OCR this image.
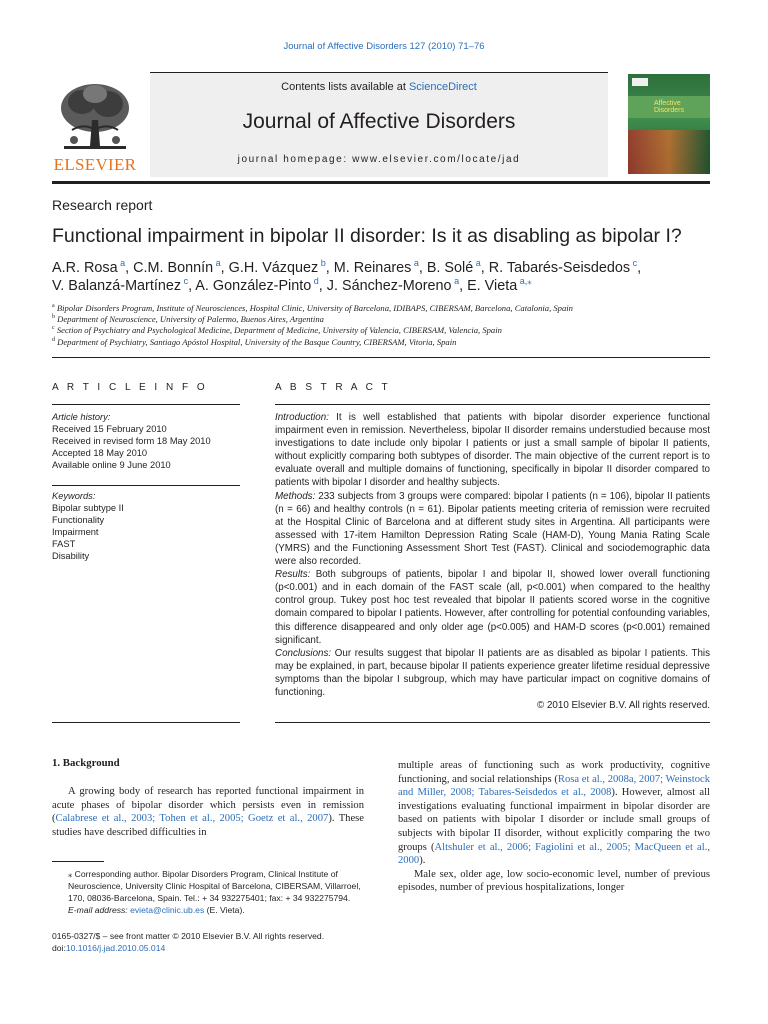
Journal of Affective Disorders 127 (2010) 71–76
Contents lists available at ScienceDirect
Journal of Affective Disorders
journal homepage: www.elsevier.com/locate/jad
ELSEVIER
Affective Disorders
Research report
Functional impairment in bipolar II disorder: Is it as disabling as bipolar I?
A.R. Rosa $^a$, C.M. Bonnín $^a$, G.H. Vázquez $^b$, M. Reinares $^a$, B. Solé $^a$, R. Tabarés-Seisdedos $^c$,
V. Balanzá-Martínez $^c$, A. González-Pinto $^d$, J. Sánchez-Moreno $^a$, E. Vieta $^{a,⁎}$
$^a$ Bipolar Disorders Program, Institute of Neurosciences, Hospital Clinic, University of Barcelona, IDIBAPS, CIBERSAM, Barcelona, Catalonia, Spain
$^b$ Department of Neuroscience, University of Palermo, Buenos Aires, Argentina
$^c$ Section of Psychiatry and Psychological Medicine, Department of Medicine, University of Valencia, CIBERSAM, Valencia, Spain
$^d$ Department of Psychiatry, Santiago Apóstol Hospital, University of the Basque Country, CIBERSAM, Vitoria, Spain
A R T I C L E I N F O	A B S T R A C T
Article history:
Received 15 February 2010
Received in revised form 18 May 2010
Accepted 18 May 2010
Available online 9 June 2010
Keywords:
Bipolar subtype II
Functionality
Impairment
FAST
Disability

Introduction: It is well established that patients with bipolar disorder experience functional impairment even in remission. Nevertheless, bipolar II disorder remains understudied because most investigations to date include only bipolar I patients or just a small sample of bipolar II patients, without explicitly comparing both subtypes of disorder. The main objective of the current report is to evaluate overall and multiple domains of functioning, specifically in bipolar II disorder compared to patients with bipolar I disorder and healthy subjects.

Methods: 233 subjects from 3 groups were compared: bipolar I patients (n = 106), bipolar II patients (n = 66) and healthy controls (n = 61). Bipolar patients meeting criteria of remission were recruited at the Hospital Clinic of Barcelona and at different study sites in Argentina. All participants were assessed with 17-item Hamilton Depression Rating Scale (HAM-D), Young Mania Rating Scale (YMRS) and the Functioning Assessment Short Test (FAST). Clinical and sociodemographic data were also recorded.

Results: Both subgroups of patients, bipolar I and bipolar II, showed lower overall functioning (p<0.001) and in each domain of the FAST scale (all, p<0.001) when compared to the healthy control group. Tukey post hoc test revealed that bipolar II patients scored worse in the cognitive domain compared to bipolar I patients. However, after controlling for potential confounding variables, this difference disappeared and only older age (p<0.005) and HAM-D scores (p<0.001) remained significant.

Conclusions: Our results suggest that bipolar II patients are as disabled as bipolar I patients. This may be explained, in part, because bipolar II patients experience greater lifetime residual depressive symptoms than the bipolar I subgroup, which may have particular impact on cognitive domains of functioning.

© 2010 Elsevier B.V. All rights reserved.

1. Background
A growing body of research has reported functional impairment in acute phases of bipolar disorder which persists even in remission (Calabrese et al., 2003; Tohen et al., 2005; Goetz et al., 2007). These studies have described difficulties in

multiple areas of functioning such as work productivity, cognitive functioning, and social relationships (Rosa et al., 2008a, 2007; Weinstock and Miller, 2008; Tabares-Seisdedos et al., 2008). However, almost all investigations evaluating functional impairment in bipolar disorder are based on patients with bipolar I disorder or include small groups of subjects with bipolar II disorder, without explicitly comparing the two groups (Altshuler et al., 2006; Fagiolini et al., 2005; MacQueen et al., 2000).

Male sex, older age, low socio-economic level, number of previous episodes, number of previous hospitalizations, longer

⁎ Corresponding author. Bipolar Disorders Program, Clinical Institute of Neuroscience, University Clinic Hospital of Barcelona, CIBERSAM, Villarroel, 170, 08036-Barcelona, Spain. Tel.: + 34 932275401; fax: + 34 932275794.
E-mail address: evieta@clinic.ub.es (E. Vieta).
0165-0327/$ – see front matter © 2010 Elsevier B.V. All rights reserved.
doi:10.1016/j.jad.2010.05.014
